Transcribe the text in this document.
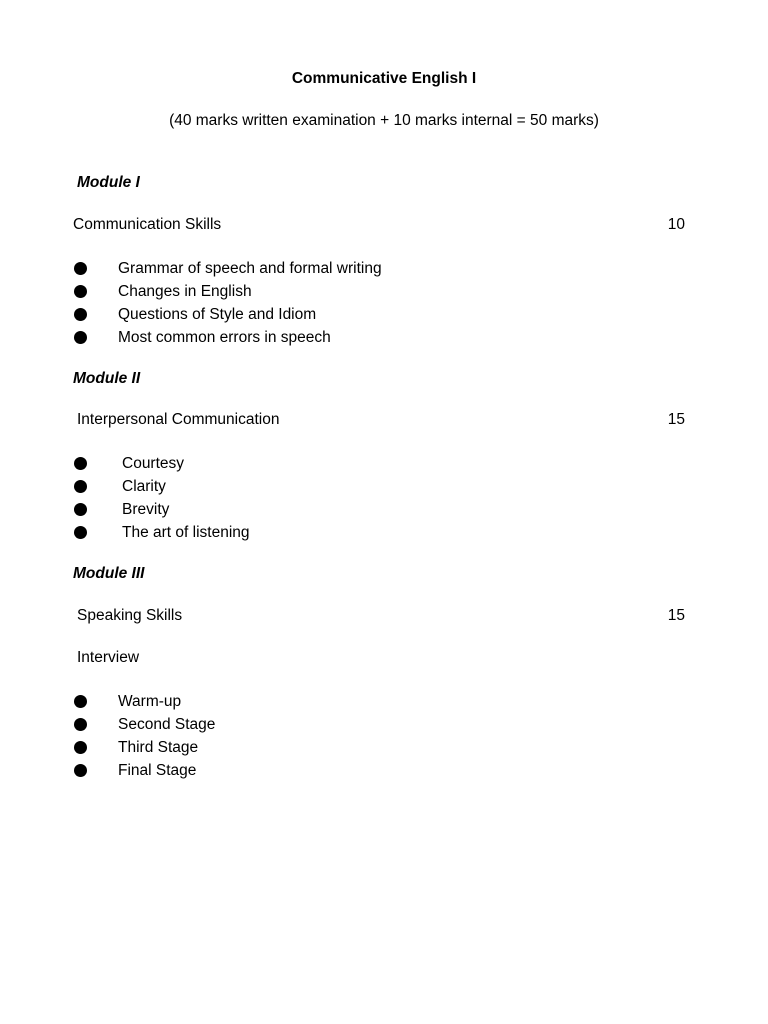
Communicative English I
(40 marks written examination + 10 marks internal = 50 marks)
Module I
Communication Skills	10
Grammar of speech and formal writing
Changes in English
Questions of Style and Idiom
Most common errors in speech
Module II
Interpersonal Communication	15
Courtesy
Clarity
Brevity
The art of listening
Module III
Speaking Skills	15
Interview
Warm-up
Second Stage
Third Stage
Final Stage
